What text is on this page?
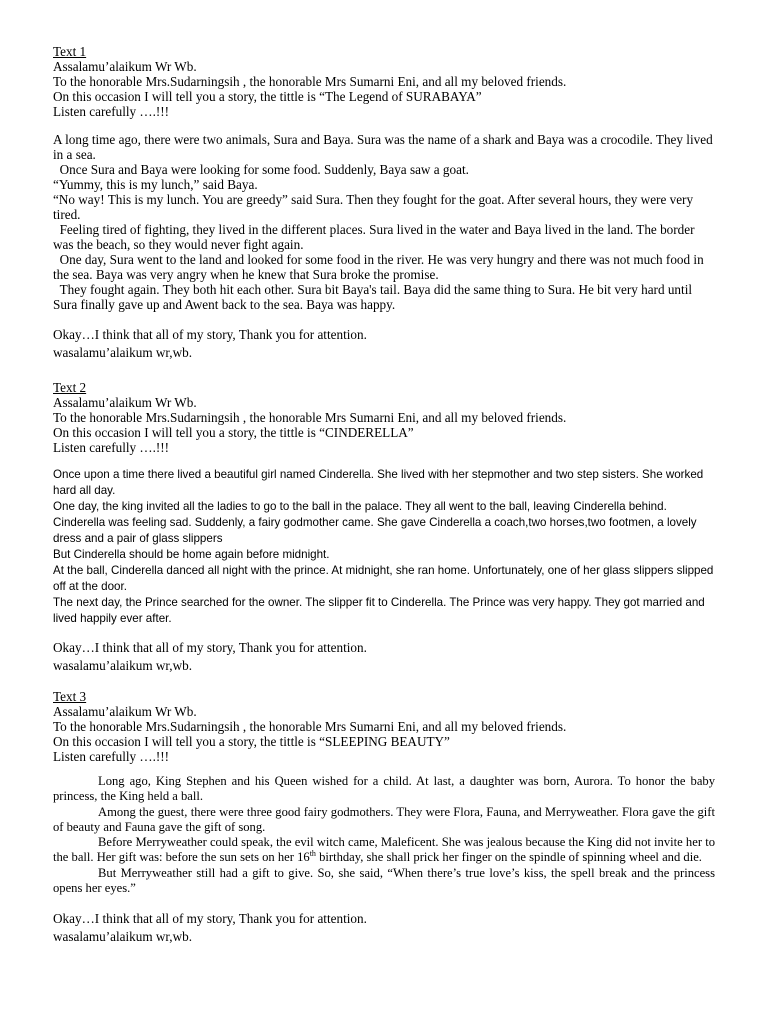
Text 1
Assalamu’alaikum Wr Wb.
To the honorable Mrs.Sudarningsih , the honorable Mrs Sumarni Eni, and all my beloved friends.
On this occasion I will tell you a story, the tittle is “The Legend of SURABAYA”
Listen carefully ….!!!

A long time ago, there were two animals, Sura and Baya. Sura was the name of a shark and Baya was a crocodile. They lived in a sea.

Once Sura and Baya were looking for some food. Suddenly, Baya saw a goat.

“Yummy, this is my lunch,” said Baya.

“No way! This is my lunch. You are greedy” said Sura. Then they fought for the goat. After several hours, they were very tired.

Feeling tired of fighting, they lived in the different places. Sura lived in the water and Baya lived in the land. The border was the beach, so they would never fight again.

One day, Sura went to the land and looked for some food in the river. He was very hungry and there was not much food in the sea. Baya was very angry when he knew that Sura broke the promise.

They fought again. They both hit each other. Sura bit Baya's tail. Baya did the same thing to Sura. He bit very hard until Sura finally gave up and Awent back to the sea. Baya was happy.

Okay…I think that all of my story, Thank you for attention.
wasalamu’alaikum wr,wb.
Text 2
Assalamu’alaikum Wr Wb.
To the honorable Mrs.Sudarningsih , the honorable Mrs Sumarni Eni, and all my beloved friends.
On this occasion I will tell you a story, the tittle is “CINDERELLA”
Listen carefully ….!!!

Once upon a time there lived a beautiful girl named Cinderella. She lived with her stepmother and two step sisters. She worked hard all day.

One day, the king invited all the ladies to go to the ball in the palace. They all went to the ball, leaving Cinderella behind. Cinderella was feeling sad. Suddenly, a fairy godmother came. She gave Cinderella a coach,two horses,two footmen, a lovely dress and a pair of glass slippers

But Cinderella should be home again before midnight.

At the ball, Cinderella danced all night with the prince. At midnight, she ran home. Unfortunately, one of her glass slippers slipped off at the door.

The next day, the Prince searched for the owner. The slipper fit to Cinderella. The Prince was very happy. They got married and lived happily ever after.

Okay…I think that all of my story, Thank you for attention.
wasalamu’alaikum wr,wb.
Text 3
Assalamu’alaikum Wr Wb.
To the honorable Mrs.Sudarningsih , the honorable Mrs Sumarni Eni, and all my beloved friends.
On this occasion I will tell you a story, the tittle is “SLEEPING BEAUTY”
Listen carefully ….!!!

Long ago, King Stephen and his Queen wished for a child. At last, a daughter was born, Aurora. To honor the baby princess, the King held a ball.

Among the guest, there were three good fairy godmothers. They were Flora, Fauna, and Merryweather. Flora gave the gift of beauty and Fauna gave the gift of song.

Before Merryweather could speak, the evil witch came, Maleficent. She was jealous because the King did not invite her to the ball. Her gift was: before the sun sets on her 16th birthday, she shall prick her finger on the spindle of spinning wheel and die.

But Merryweather still had a gift to give. So, she said, “When there’s true love’s kiss, the spell break and the princess opens her eyes.”

Okay…I think that all of my story, Thank you for attention.
wasalamu’alaikum wr,wb.
